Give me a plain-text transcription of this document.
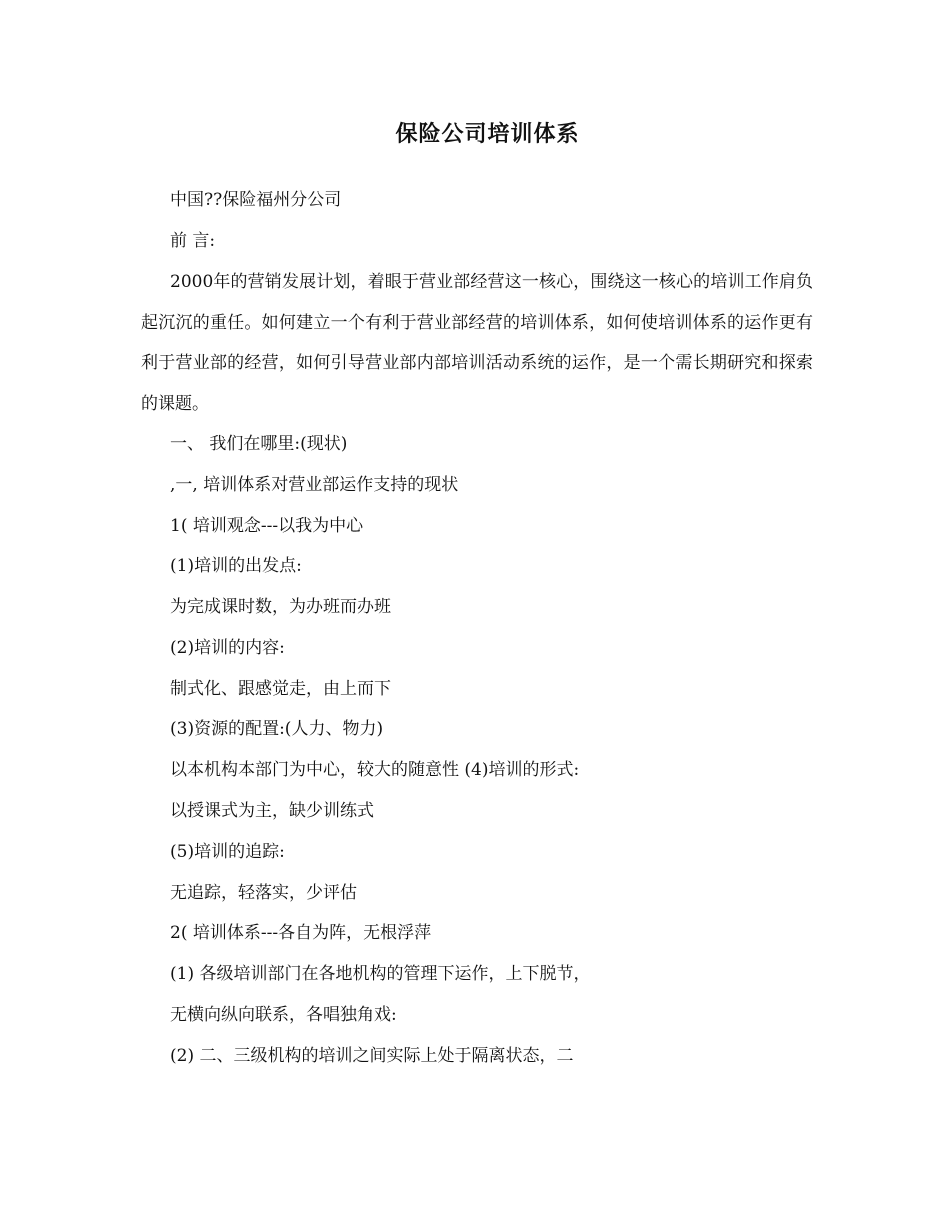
保险公司培训体系

中国??保险福州分公司

前 言:

2000年的营销发展计划，着眼于营业部经营这一核心，围绕这一核心的培训工作肩负起沉沉的重任。如何建立一个有利于营业部经营的培训体系，如何使培训体系的运作更有利于营业部的经营，如何引导营业部内部培训活动系统的运作，是一个需长期研究和探索的课题。

一、 我们在哪里:(现状)

,一, 培训体系对营业部运作支持的现状

1( 培训观念---以我为中心

(1)培训的出发点:

为完成课时数，为办班而办班

(2)培训的内容:

制式化、跟感觉走，由上而下

(3)资源的配置:(人力、物力)

以本机构本部门为中心，较大的随意性 (4)培训的形式:

以授课式为主，缺少训练式

(5)培训的追踪:

无追踪，轻落实，少评估

2( 培训体系---各自为阵，无根浮萍

(1) 各级培训部门在各地机构的管理下运作，上下脱节，

无横向纵向联系，各唱独角戏:

(2) 二、三级机构的培训之间实际上处于隔离状态，二
